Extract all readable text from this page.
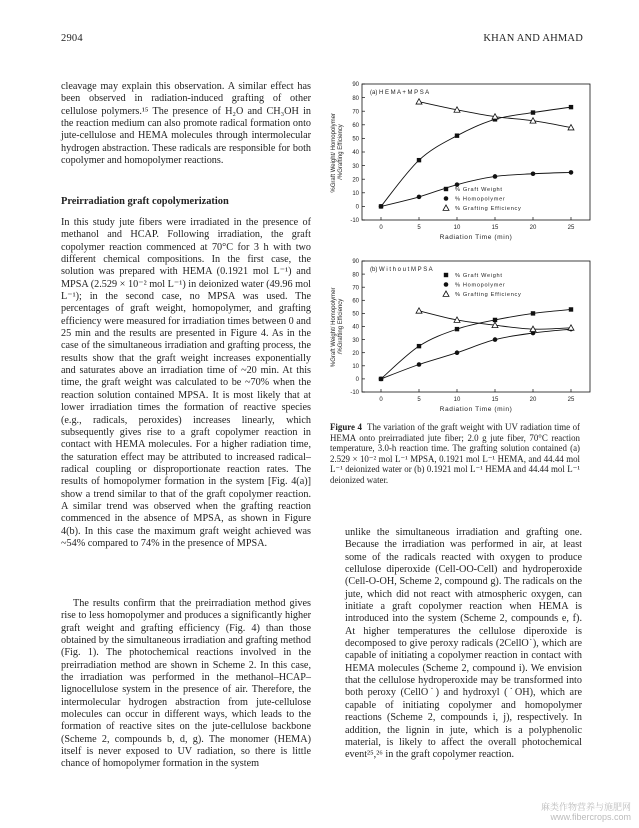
2904	KHAN AND AHMAD
cleavage may explain this observation. A similar effect has been observed in radiation-induced grafting of other cellulose polymers.¹⁵ The presence of H₂O and CH₃OH in the reaction medium can also promote radical formation onto jute-cellulose and HEMA molecules through intermolecular hydrogen abstraction. These radicals are responsible for both copolymer and homopolymer reactions.
Preirradiation graft copolymerization
In this study jute fibers were irradiated in the presence of methanol and HCAP. Following irradiation, the graft copolymer reaction commenced at 70°C for 3 h with two different chemical compositions. In the first case, the solution was prepared with HEMA (0.1921 mol L⁻¹) and MPSA (2.529 × 10⁻² mol L⁻¹) in deionized water (49.96 mol L⁻¹); in the second case, no MPSA was used. The percentages of graft weight, homopolymer, and grafting efficiency were measured for irradiation times between 0 and 25 min and the results are presented in Figure 4. As in the case of the simultaneous irradiation and grafting process, the results show that the graft weight increases exponentially and saturates above an irradiation time of ~20 min. At this time, the graft weight was calculated to be ~70% when the reaction solution contained MPSA. It is most likely that at lower irradiation times the formation of reactive species (e.g., radicals, peroxides) increases linearly, which subsequently gives rise to a graft copolymer reaction in contact with HEMA molecules. For a higher radiation time, the saturation effect may be attributed to increased radical–radical coupling or disproportionate reaction rates. The results of homopolymer formation in the system [Fig. 4(a)] show a trend similar to that of the graft copolymer reaction. A similar trend was observed when the grafting reaction commenced in the absence of MPSA, as shown in Figure 4(b). In this case the maximum graft weight achieved was ~54% compared to 74% in the presence of MPSA.
The results confirm that the preirradiation method gives rise to less homopolymer and produces a significantly higher graft weight and grafting efficiency (Fig. 4) than those obtained by the simultaneous irradiation and grafting method (Fig. 1). The photochemical reactions involved in the preirradiation method are shown in Scheme 2. In this case, the irradiation was performed in the methanol–HCAP–lignocellulose system in the presence of air. Therefore, the intermolecular hydrogen abstraction from jute-cellulose molecules can occur in different ways, which leads to the formation of reactive sites on the jute-cellulose backbone (Scheme 2, compounds b, d, g). The monomer (HEMA) itself is never exposed to UV radiation, so there is little chance of homopolymer formation in the system
-10
0
10
20
30
40
50
60
70
80
90
0	5	10	15	20	25
Radiation Time (min)
%Graft Weight/ Homopolymer /%Grafting Efficiency
(a) H E M A + M P S A
% Graft Weight
% Homopolymer
% Grafting Efficiency
-10
0
10
20
30
40
50
60
70
80
90
0	5	10	15	20	25
Radiation Time (min)
%Graft Weight/ Homopolymer /%Grafting Efficiency
(b) W i t h o u t M P S A
% Graft Weight
% Homopolymer
% Grafting Efficiency
Figure 4 The variation of the graft weight with UV radiation time of HEMA onto preirradiated jute fiber; 2.0 g jute fiber, 70°C reaction temperature, 3.0-h reaction time. The grafting solution contained (a) 2.529 × 10⁻² mol L⁻¹ MPSA, 0.1921 mol L⁻¹ HEMA, and 44.44 mol L⁻¹ deionized water or (b) 0.1921 mol L⁻¹ HEMA and 44.44 mol L⁻¹ deionized water.
unlike the simultaneous irradiation and grafting one. Because the irradiation was performed in air, at least some of the radicals reacted with oxygen to produce cellulose diperoxide (Cell-OO-Cell) and hydroperoxide (Cell-O-OH, Scheme 2, compound g). The radicals on the jute, which did not react with atmospheric oxygen, can initiate a graft copolymer reaction when HEMA is introduced into the system (Scheme 2, compounds e, f). At higher temperatures the cellulose diperoxide is decomposed to give peroxy radicals (2CellO˙), which are capable of initiating a copolymer reaction in contact with HEMA molecules (Scheme 2, compound i). We envision that the cellulose hydroperoxide may be transformed into both peroxy (CellO˙) and hydroxyl (˙OH), which are capable of initiating copolymer and homopolymer reactions (Scheme 2, compounds i, j), respectively. In addition, the lignin in jute, which is a polyphenolic material, is likely to affect the overall photochemical event²⁵,²⁶ in the graft copolymer reaction.
麻类作物营养与施肥网
www.fibercrops.com
